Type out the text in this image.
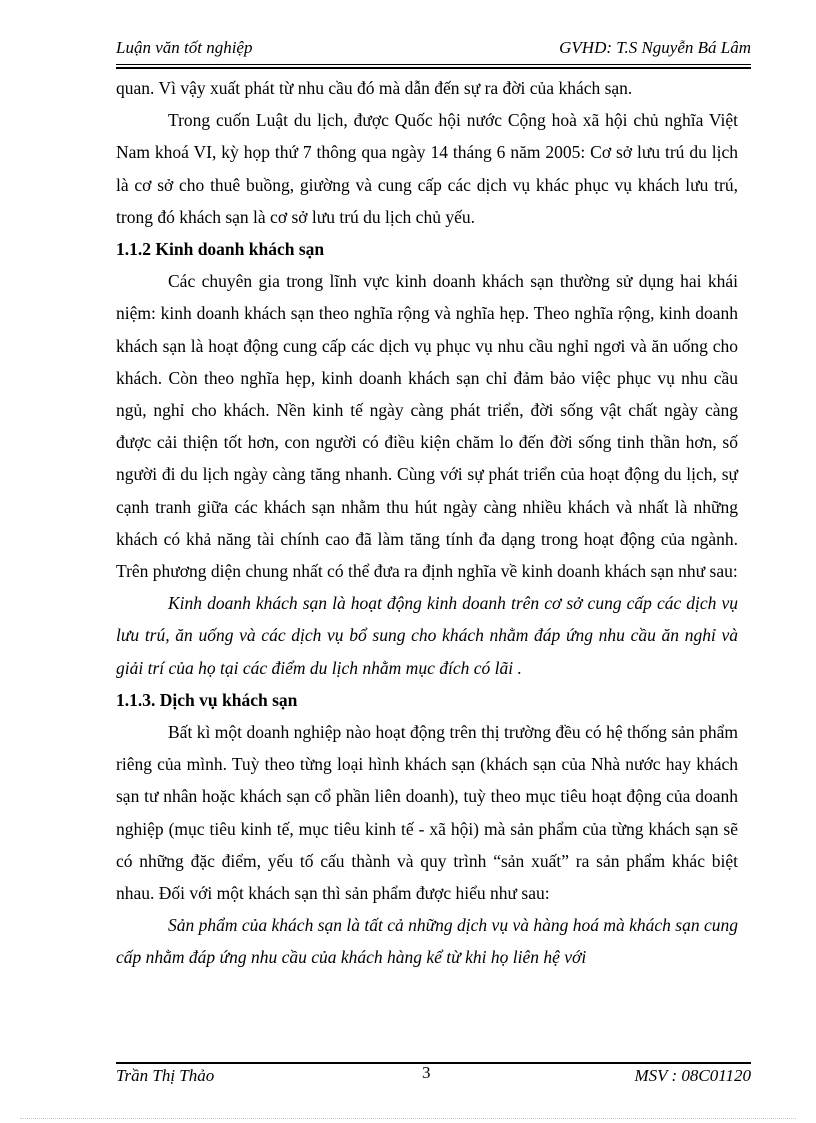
Luận văn tốt nghiệp	GVHD: T.S Nguyễn Bá Lâm

quan. Vì vậy xuất phát từ nhu cầu đó mà dẫn đến sự ra đời của khách sạn.

Trong cuốn Luật du lịch, được Quốc hội nước Cộng hoà xã hội chủ nghĩa Việt Nam khoá VI, kỳ họp thứ 7 thông qua ngày 14 tháng 6 năm 2005: Cơ sở lưu trú du lịch là cơ sở cho thuê buồng, giường và cung cấp các dịch vụ khác phục vụ khách lưu trú, trong đó khách sạn là cơ sở lưu trú du lịch chủ yếu.

1.1.2 Kinh doanh khách sạn

Các chuyên gia trong lĩnh vực kinh doanh khách sạn thường sử dụng hai khái niệm: kinh doanh khách sạn theo nghĩa rộng và nghĩa hẹp. Theo nghĩa rộng, kinh doanh khách sạn là hoạt động cung cấp các dịch vụ phục vụ nhu cầu nghỉ ngơi và ăn uống cho khách. Còn theo nghĩa hẹp, kinh doanh khách sạn chỉ đảm bảo việc phục vụ nhu cầu ngủ, nghỉ cho khách. Nền kinh tế ngày càng phát triển, đời sống vật chất ngày càng được cải thiện tốt hơn, con người có điều kiện chăm lo đến đời sống tinh thần hơn, số người đi du lịch ngày càng tăng nhanh. Cùng với sự phát triển của hoạt động du lịch, sự cạnh tranh giữa các khách sạn nhằm thu hút ngày càng nhiều khách và nhất là những khách có khả năng tài chính cao đã làm tăng tính đa dạng trong hoạt động của ngành. Trên phương diện chung nhất có thể đưa ra định nghĩa về kinh doanh khách sạn như sau:

Kinh doanh khách sạn là hoạt động kinh doanh trên cơ sở cung cấp các dịch vụ lưu trú, ăn uống và các dịch vụ bổ sung cho khách nhằm đáp ứng nhu cầu ăn nghỉ và giải trí của họ tại các điểm du lịch nhằm mục đích có lãi .

1.1.3. Dịch vụ khách sạn

Bất kì một doanh nghiệp nào hoạt động trên thị trường đều có hệ thống sản phẩm riêng của mình. Tuỳ theo từng loại hình khách sạn (khách sạn của Nhà nước hay khách sạn tư nhân hoặc khách sạn cổ phần liên doanh), tuỳ theo mục tiêu hoạt động của doanh nghiệp (mục tiêu kinh tế, mục tiêu kinh tế - xã hội) mà sản phẩm của từng khách sạn sẽ có những đặc điểm, yếu tố cấu thành và quy trình “sản xuất” ra sản phẩm khác biệt nhau. Đối với một khách sạn thì sản phẩm được hiểu như sau:

Sản phẩm của khách sạn là tất cả những dịch vụ và hàng hoá mà khách sạn cung cấp nhằm đáp ứng nhu cầu của khách hàng kể từ khi họ liên hệ với

Trần Thị Thảo	3	MSV : 08C01120
